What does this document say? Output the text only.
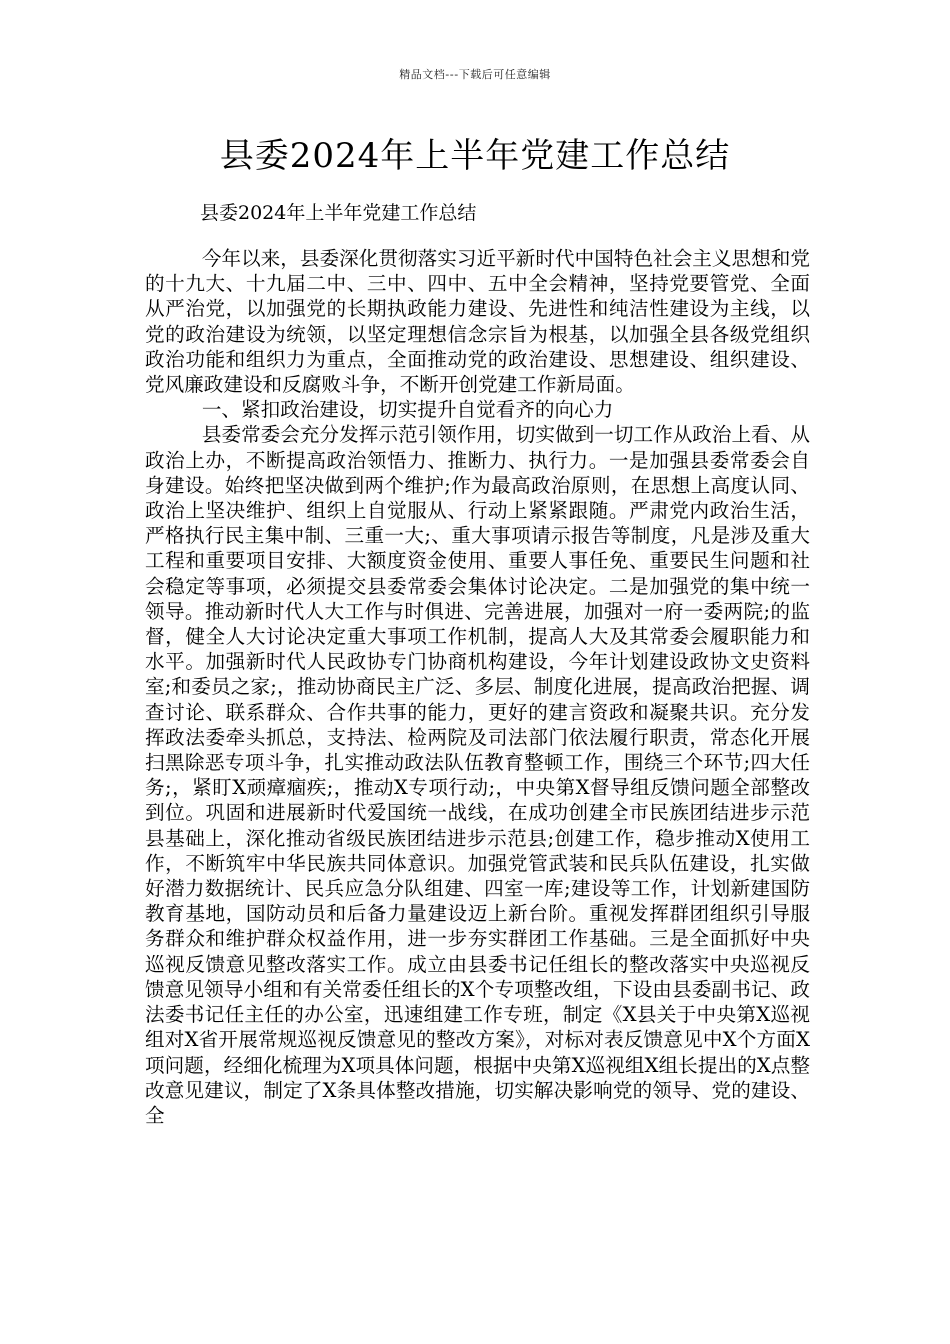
精品文档---下载后可任意编辑
县委2024年上半年党建工作总结

县委2024年上半年党建工作总结

今年以来，县委深化贯彻落实习近平新时代中国特色社会主义思想和党的十九大、十九届二中、三中、四中、五中全会精神，坚持党要管党、全面从严治党，以加强党的长期执政能力建设、先进性和纯洁性建设为主线，以党的政治建设为统领，以坚定理想信念宗旨为根基，以加强全县各级党组织政治功能和组织力为重点，全面推动党的政治建设、思想建设、组织建设、党风廉政建设和反腐败斗争，不断开创党建工作新局面。

一、紧扣政治建设，切实提升自觉看齐的向心力

县委常委会充分发挥示范引领作用，切实做到一切工作从政治上看、从政治上办，不断提高政治领悟力、推断力、执行力。一是加强县委常委会自身建设。始终把坚决做到两个维护;作为最高政治原则，在思想上高度认同、政治上坚决维护、组织上自觉服从、行动上紧紧跟随。严肃党内政治生活，严格执行民主集中制、三重一大;、重大事项请示报告等制度，凡是涉及重大工程和重要项目安排、大额度资金使用、重要人事任免、重要民生问题和社会稳定等事项，必须提交县委常委会集体讨论决定。二是加强党的集中统一领导。推动新时代人大工作与时俱进、完善进展，加强对一府一委两院;的监督，健全人大讨论决定重大事项工作机制，提高人大及其常委会履职能力和水平。加强新时代人民政协专门协商机构建设，今年计划建设政协文史资料室;和委员之家;，推动协商民主广泛、多层、制度化进展，提高政治把握、调查讨论、联系群众、合作共事的能力，更好的建言资政和凝聚共识。充分发挥政法委牵头抓总，支持法、检两院及司法部门依法履行职责，常态化开展扫黑除恶专项斗争，扎实推动政法队伍教育整顿工作，围绕三个环节;四大任务;，紧盯X顽瘴痼疾;，推动X专项行动;，中央第X督导组反馈问题全部整改到位。巩固和进展新时代爱国统一战线，在成功创建全市民族团结进步示范县基础上，深化推动省级民族团结进步示范县;创建工作，稳步推动X使用工作，不断筑牢中华民族共同体意识。加强党管武装和民兵队伍建设，扎实做好潜力数据统计、民兵应急分队组建、四室一库;建设等工作，计划新建国防教育基地，国防动员和后备力量建设迈上新台阶。重视发挥群团组织引导服务群众和维护群众权益作用，进一步夯实群团工作基础。三是全面抓好中央巡视反馈意见整改落实工作。成立由县委书记任组长的整改落实中央巡视反馈意见领导小组和有关常委任组长的X个专项整改组，下设由县委副书记、政法委书记任主任的办公室，迅速组建工作专班，制定《X县关于中央第X巡视组对X省开展常规巡视反馈意见的整改方案》，对标对表反馈意见中X个方面X项问题，经细化梳理为X项具体问题，根据中央第X巡视组X组长提出的X点整改意见建议，制定了X条具体整改措施，切实解决影响党的领导、党的建设、全
